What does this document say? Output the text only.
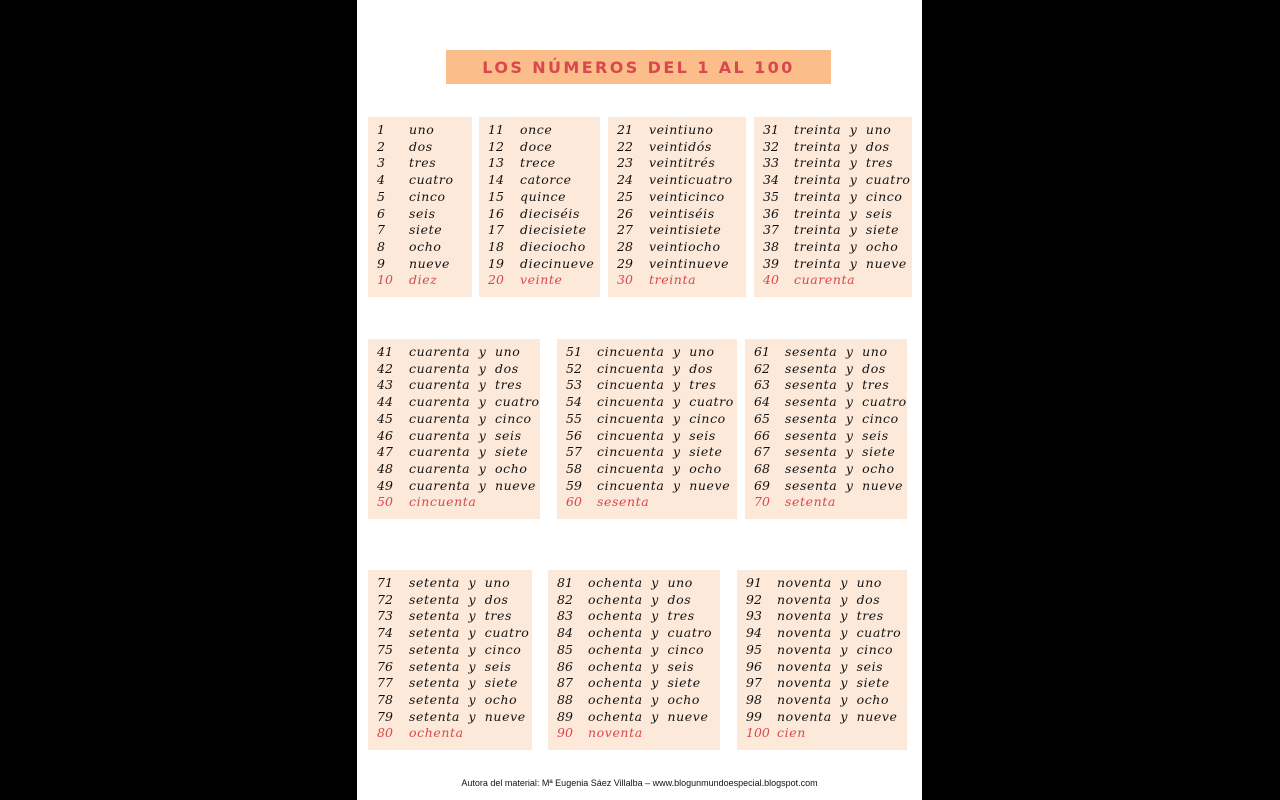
LOS NÚMEROS DEL 1 AL 100
1 uno
2 dos
3 tres
4 cuatro
5 cinco
6 seis
7 siete
8 ocho
9 nueve
10 diez
11 once
12 doce
13 trece
14 catorce
15 quince
16 dieciséis
17 diecisiete
18 dieciocho
19 diecinueve
20 veinte
21 veintiuno
22 veintidós
23 veintitrés
24 veinticuatro
25 veinticinco
26 veintiséis
27 veintisiete
28 veintiocho
29 veintinueve
30 treinta
31 treinta y uno
32 treinta y dos
33 treinta y tres
34 treinta y cuatro
35 treinta y cinco
36 treinta y seis
37 treinta y siete
38 treinta y ocho
39 treinta y nueve
40 cuarenta
41 cuarenta y uno
42 cuarenta y dos
43 cuarenta y tres
44 cuarenta y cuatro
45 cuarenta y cinco
46 cuarenta y seis
47 cuarenta y siete
48 cuarenta y ocho
49 cuarenta y nueve
50 cincuenta
51 cincuenta y uno
52 cincuenta y dos
53 cincuenta y tres
54 cincuenta y cuatro
55 cincuenta y cinco
56 cincuenta y seis
57 cincuenta y siete
58 cincuenta y ocho
59 cincuenta y nueve
60 sesenta
61 sesenta y uno
62 sesenta y dos
63 sesenta y tres
64 sesenta y cuatro
65 sesenta y cinco
66 sesenta y seis
67 sesenta y siete
68 sesenta y ocho
69 sesenta y nueve
70 setenta
71 setenta y uno
72 setenta y dos
73 setenta y tres
74 setenta y cuatro
75 setenta y cinco
76 setenta y seis
77 setenta y siete
78 setenta y ocho
79 setenta y nueve
80 ochenta
81 ochenta y uno
82 ochenta y dos
83 ochenta y tres
84 ochenta y cuatro
85 ochenta y cinco
86 ochenta y seis
87 ochenta y siete
88 ochenta y ocho
89 ochenta y nueve
90 noventa
91 noventa y uno
92 noventa y dos
93 noventa y tres
94 noventa y cuatro
95 noventa y cinco
96 noventa y seis
97 noventa y siete
98 noventa y ocho
99 noventa y nueve
100 cien
Autora del material: Mª Eugenia Sáez Villalba – www.blogunmundoespecial.blogspot.com
